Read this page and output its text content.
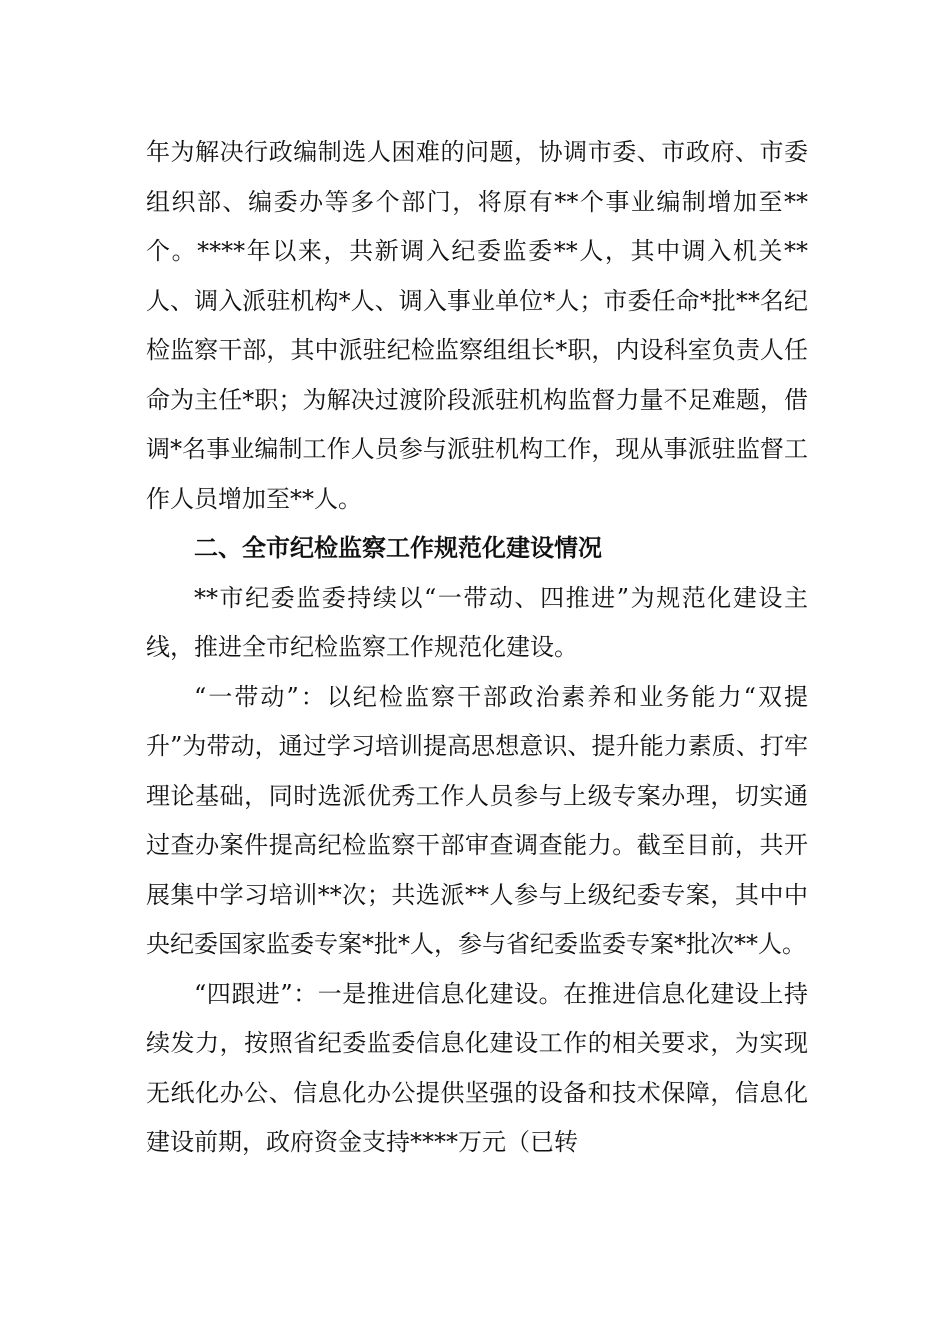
年为解决行政编制选人困难的问题，协调市委、市政府、市委组织部、编委办等多个部门，将原有**个事业编制增加至**个。****年以来，共新调入纪委监委**人，其中调入机关**人、调入派驻机构*人、调入事业单位*人；市委任命*批**名纪检监察干部，其中派驻纪检监察组组长*职，内设科室负责人任命为主任*职；为解决过渡阶段派驻机构监督力量不足难题，借调*名事业编制工作人员参与派驻机构工作，现从事派驻监督工作人员增加至**人。

二、全市纪检监察工作规范化建设情况

**市纪委监委持续以“一带动、四推进”为规范化建设主线，推进全市纪检监察工作规范化建设。

“一带动”：以纪检监察干部政治素养和业务能力“双提升”为带动，通过学习培训提高思想意识、提升能力素质、打牢理论基础，同时选派优秀工作人员参与上级专案办理，切实通过查办案件提高纪检监察干部审查调查能力。截至目前，共开展集中学习培训**次；共选派**人参与上级纪委专案，其中中央纪委国家监委专案*批*人，参与省纪委监委专案*批次**人。

“四跟进”：一是推进信息化建设。在推进信息化建设上持续发力，按照省纪委监委信息化建设工作的相关要求，为实现无纸化办公、信息化办公提供坚强的设备和技术保障，信息化建设前期，政府资金支持****万元（已转
